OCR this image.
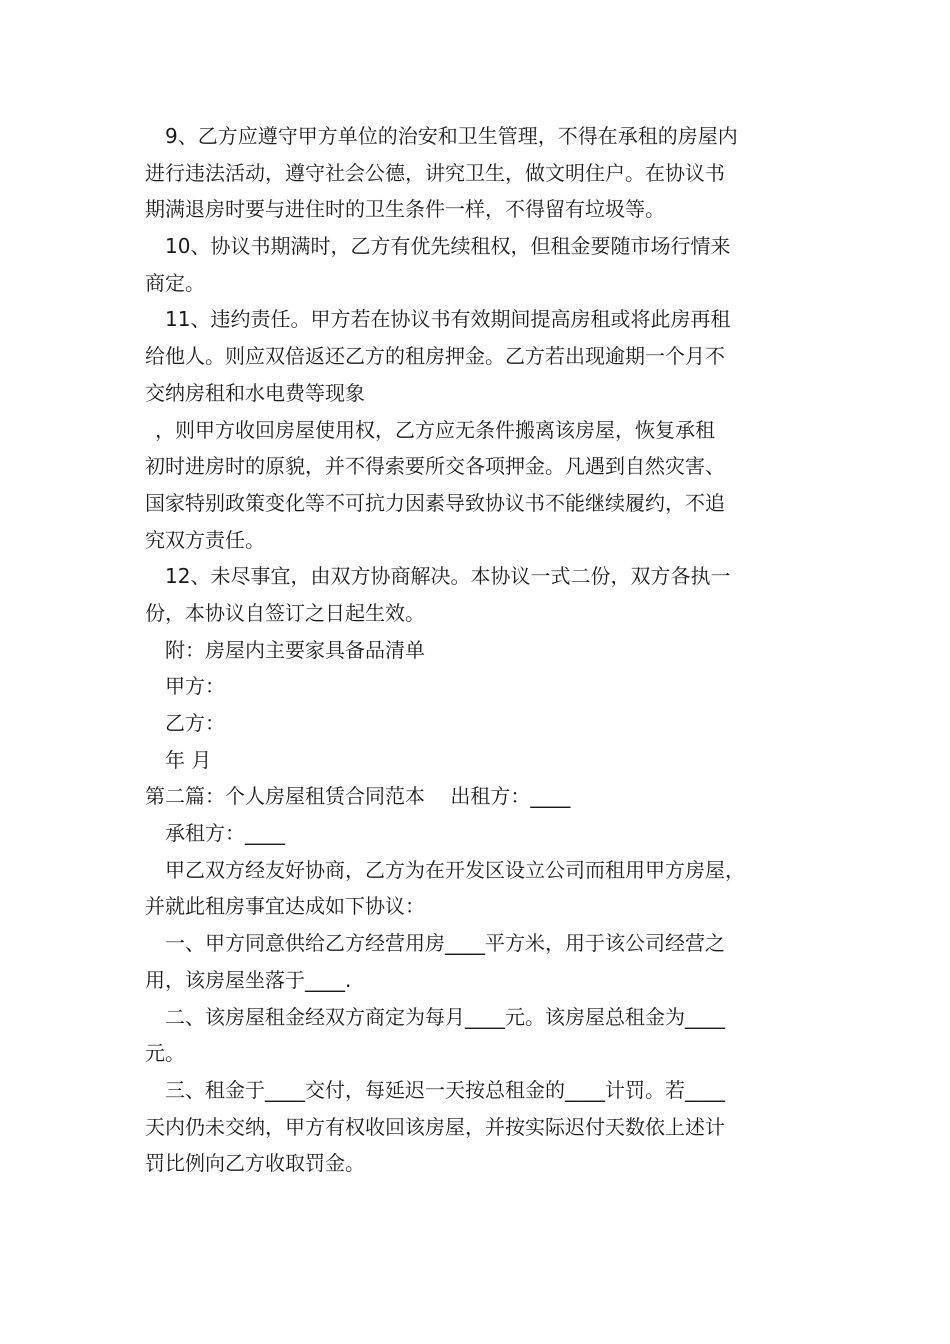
9、乙方应遵守甲方单位的治安和卫生管理，不得在承租的房屋内
进行违法活动，遵守社会公德，讲究卫生，做文明住户。在协议书
期满退房时要与进住时的卫生条件一样，不得留有垃圾等。
10、协议书期满时，乙方有优先续租权，但租金要随市场行情来
商定。
11、违约责任。甲方若在协议书有效期间提高房租或将此房再租
给他人。则应双倍返还乙方的租房押金。乙方若出现逾期一个月不
交纳房租和水电费等现象
，则甲方收回房屋使用权，乙方应无条件搬离该房屋，恢复承租
初时进房时的原貌，并不得索要所交各项押金。凡遇到自然灾害、
国家特别政策变化等不可抗力因素导致协议书不能继续履约，不追
究双方责任。
12、未尽事宜，由双方协商解决。本协议一式二份，双方各执一
份，本协议自签订之日起生效。
附：房屋内主要家具备品清单
甲方：
乙方：
年 月
第二篇：个人房屋租赁合同范本    出租方：____
承租方：____
甲乙双方经友好协商，乙方为在开发区设立公司而租用甲方房屋，
并就此租房事宜达成如下协议：
一、甲方同意供给乙方经营用房____平方米，用于该公司经营之
用，该房屋坐落于____.
二、该房屋租金经双方商定为每月____元。该房屋总租金为____
元。
三、租金于____交付，每延迟一天按总租金的____计罚。若____
天内仍未交纳，甲方有权收回该房屋，并按实际迟付天数依上述计
罚比例向乙方收取罚金。
